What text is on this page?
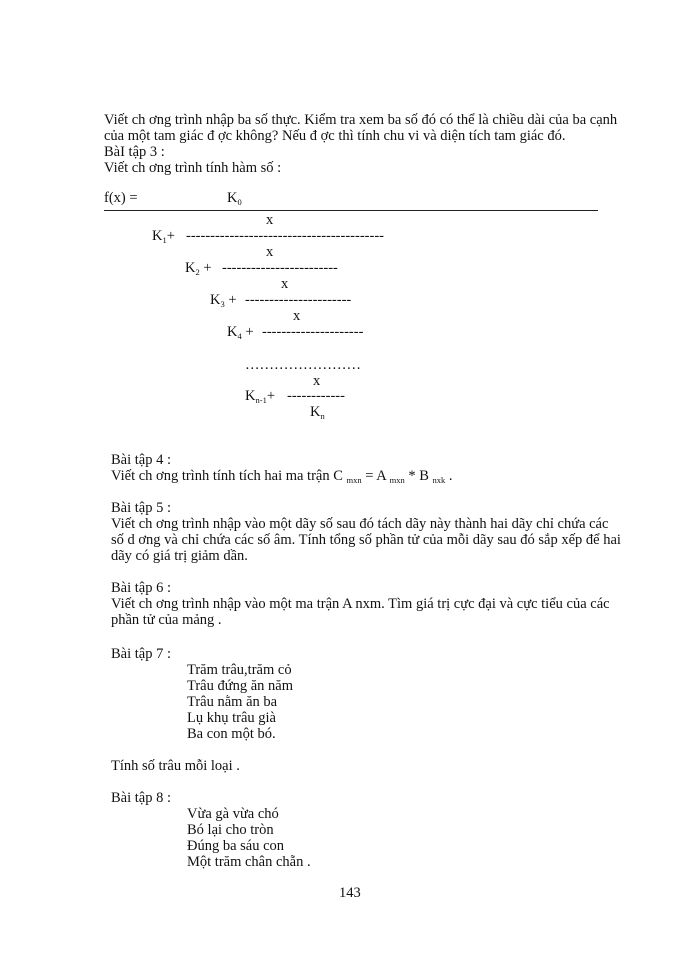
Viết ch ơng trình nhập ba số thực. Kiểm tra xem ba số đó có thể là chiều dài của ba cạnh
của một tam giác đ ợc không? Nếu đ ợc thì tính chu vi và diện tích tam giác đó.
BàI tập 3 :
Viết ch ơng trình tính hàm số :
f(x) =	$K_0$
x
$K_1+$ -----------------------------------------
x
$K_2$ + ------------------------
x
$K_3$ + ----------------------
x
$K_4$ + ---------------------
……………………
x
$K_{n-1}+$ ------------
$K_n$
Bài tập 4 :
Viết ch ơng trình tính tích hai ma trận C $_{mxn}$ = A $_{mxn}$ * B $_{nxk}$ .
Bài tập 5 :
Viết ch ơng trình nhập vào một dãy số sau đó tách dãy này thành hai dãy chỉ chứa các
số d ơng và chỉ chứa các số âm. Tính tổng số phần tử của mỗi dãy sau đó sắp xếp để hai
dãy có giá trị giảm dần.
Bài tập 6 :
Viết ch ơng trình nhập vào một ma trận A nxm. Tìm giá trị cực đại và cực tiểu của các
phần tử của mảng .
Bài tập 7 :
Trăm trâu,trăm cỏ
Trâu đứng ăn năm
Trâu nằm ăn ba
Lụ khụ trâu già
Ba con một bó.
Tính số trâu mỗi loại .
Bài tập 8 :
Vừa gà vừa chó
Bó lại cho tròn
Đúng ba sáu con
Một trăm chân chẵn .
143
